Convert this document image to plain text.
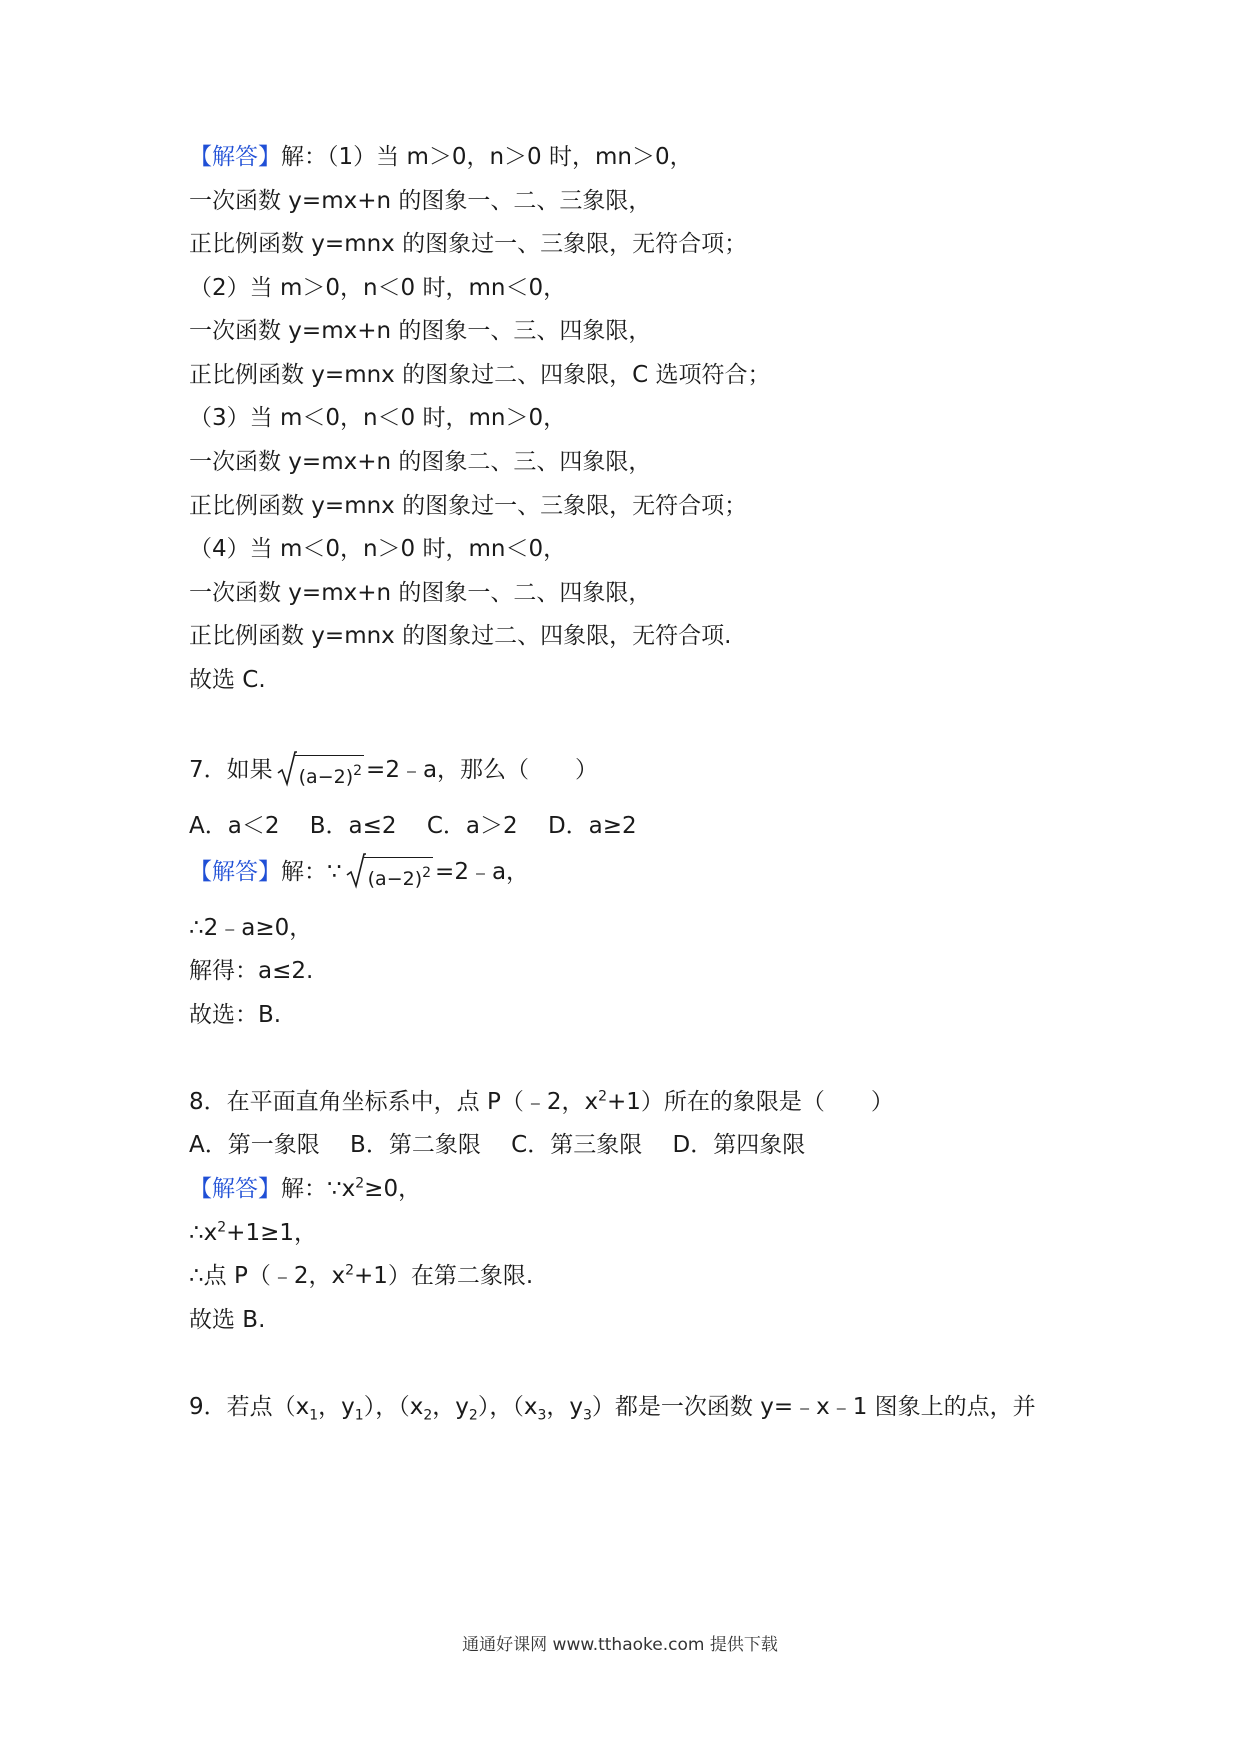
【解答】解：（1）当 m＞0，n＞0 时，mn＞0，
一次函数 y=mx+n 的图象一、二、三象限，
正比例函数 y=mnx 的图象过一、三象限，无符合项；
（2）当 m＞0，n＜0 时，mn＜0，
一次函数 y=mx+n 的图象一、三、四象限，
正比例函数 y=mnx 的图象过二、四象限，C 选项符合；
（3）当 m＜0，n＜0 时，mn＞0，
一次函数 y=mx+n 的图象二、三、四象限，
正比例函数 y=mnx 的图象过一、三象限，无符合项；
（4）当 m＜0，n＞0 时，mn＜0，
一次函数 y=mx+n 的图象一、二、四象限，
正比例函数 y=mnx 的图象过二、四象限，无符合项.
故选 C.
7．如果 $(a-2)^2$ =2﹣a，那么（　　）
A．a＜2　 B．a≤2　 C．a＞2　 D．a≥2
【解答】解：∵ $(a-2)^2$ =2﹣a，
∴2﹣a≥0，
解得：a≤2.
故选：B.
8．在平面直角坐标系中，点 P（﹣2，$x^2+1$）所在的象限是（　　）
A．第一象限　 B．第二象限　 C．第三象限　 D．第四象限
【解答】解：$\because x^2\ge 0$，
$\therefore x^2+1\ge 1$，
∴点 P（﹣2，$x^2+1$）在第二象限.
故选 B.
9．若点（$x_1$，$y_1$），（$x_2$，$y_2$），（$x_3$，$y_3$）都是一次函数 y=﹣x﹣1 图象上的点，并
通通好课网 www.tthaoke.com 提供下载
